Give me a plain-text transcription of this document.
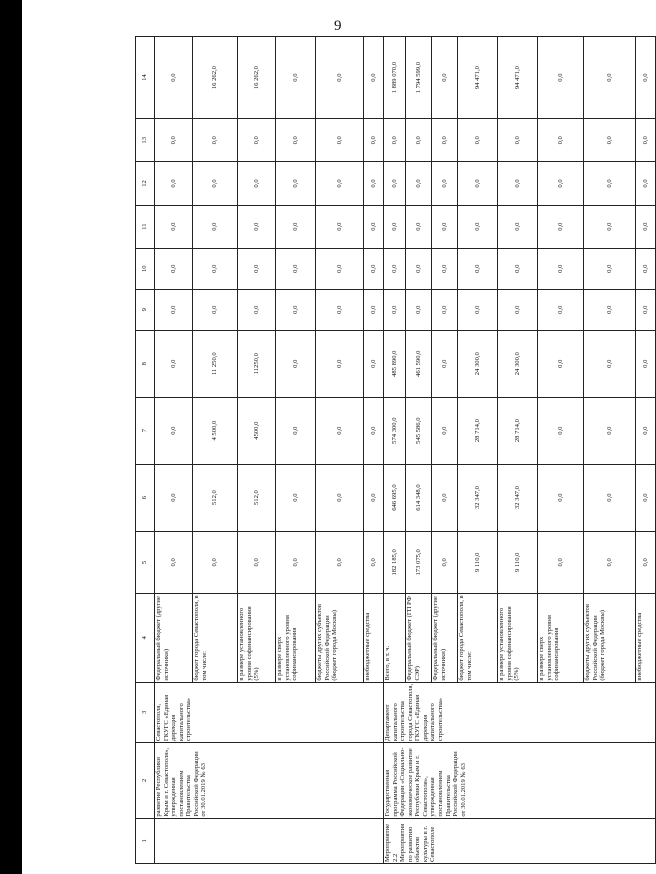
9
1	2	3	4	5	6	7	8	9	10	11	12	13	14
	развитие Республики Крым и г. Севастополя», утвержденная постановлением Правительства Российской Федерации от 30.01.2019 № 63	Севастополя, ГКУГС «Единая дирекция капитального строительства»	Федеральный бюджет (другие источники)	0,0	0,0	0,0	0,0	0,0	0,0	0,0	0,0	0,0	0,0
			бюджет города Севастополя, в том числе:	0,0	512,0	4 500,0	11 250,0	0,0	0,0	0,0	0,0	0,0	16 262,0
			в размере установленного уровня софинансирования (5%)	0,0	512,0	4500,0	11250,0	0,0	0,0	0,0	0,0	0,0	16 262,0
			в размере сверх установленного уровня софинансирования	0,0	0,0	0,0	0,0	0,0	0,0	0,0	0,0	0,0	0,0
			бюджеты других субъектов Российской Федерации (бюджет города Москвы)	0,0	0,0	0,0	0,0	0,0	0,0	0,0	0,0	0,0	0,0
			внебюджетные средства	0,0	0,0	0,0	0,0	0,0	0,0	0,0	0,0	0,0	0,0
Мероприятие 2.2 Мероприятия по развитию объектов культуры в г. Севастополе	Государственная программа Российской Федерации «Социально-экономическое развитие Республики Крым и г. Севастополя», утвержденная постановлением Правительства Российской Федерации от 30.01.2019 № 63	Департамент капитального строительства города Севастополя, ГКУГС «Единая дирекция капитального строительства»	Всего, в т. ч.	182 185,0	646 695,0	574 300,0	485 890,0	0,0	0,0	0,0	0,0	0,0	1 889 070,0
			Федеральный бюджет (ГП РФ СЭР)	173 075,0	614 348,0	545 586,0	461 590,0	0,0	0,0	0,0	0,0	0,0	1 794 599,0
			Федеральный бюджет (другие источники)	0,0	0,0	0,0	0,0	0,0	0,0	0,0	0,0	0,0	0,0
			бюджет города Севастополя, в том числе:	9 110,0	32 347,0	28 714,0	24 300,0	0,0	0,0	0,0	0,0	0,0	94 471,0
			в размере установленного уровня софинансирования (5%)	9 110,0	32 347,0	28 714,0	24 300,0	0,0	0,0	0,0	0,0	0,0	94 471,0
			в размере сверх установленного уровня софинансирования	0,0	0,0	0,0	0,0	0,0	0,0	0,0	0,0	0,0	0,0
			бюджеты других субъектов Российской Федерации (бюджет города Москвы)	0,0	0,0	0,0	0,0	0,0	0,0	0,0	0,0	0,0	0,0
			внебюджетные средства	0,0	0,0	0,0	0,0	0,0	0,0	0,0	0,0	0,0	0,0
